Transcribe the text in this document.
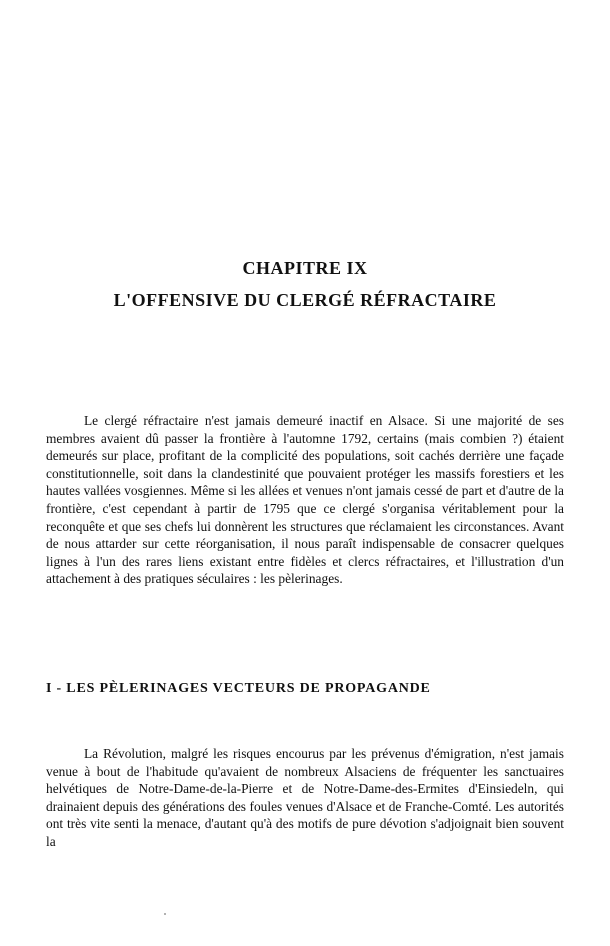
CHAPITRE IX
L'OFFENSIVE DU CLERGÉ RÉFRACTAIRE

Le clergé réfractaire n'est jamais demeuré inactif en Alsace. Si une majorité de ses membres avaient dû passer la frontière à l'automne 1792, certains (mais combien ?) étaient demeurés sur place, profitant de la complicité des populations, soit cachés derrière une façade constitutionnelle, soit dans la clandestinité que pouvaient protéger les massifs forestiers et les hautes vallées vosgiennes. Même si les allées et venues n'ont jamais cessé de part et d'autre de la frontière, c'est cependant à partir de 1795 que ce clergé s'organisa véritablement pour la reconquête et que ses chefs lui donnèrent les structures que réclamaient les circonstances. Avant de nous attarder sur cette réorganisation, il nous paraît indispensable de consacrer quelques lignes à l'un des rares liens existant entre fidèles et clercs réfractaires, et l'illustration d'un attachement à des pratiques séculaires : les pèlerinages.

I - LES PÈLERINAGES VECTEURS DE PROPAGANDE

La Révolution, malgré les risques encourus par les prévenus d'émigration, n'est jamais venue à bout de l'habitude qu'avaient de nombreux Alsaciens de fréquenter les sanctuaires helvétiques de Notre-Dame-de-la-Pierre et de Notre-Dame-des-Ermites d'Einsiedeln, qui drainaient depuis des générations des foules venues d'Alsace et de Franche-Comté. Les autorités ont très vite senti la menace, d'autant qu'à des motifs de pure dévotion s'adjoignait bien souvent la
